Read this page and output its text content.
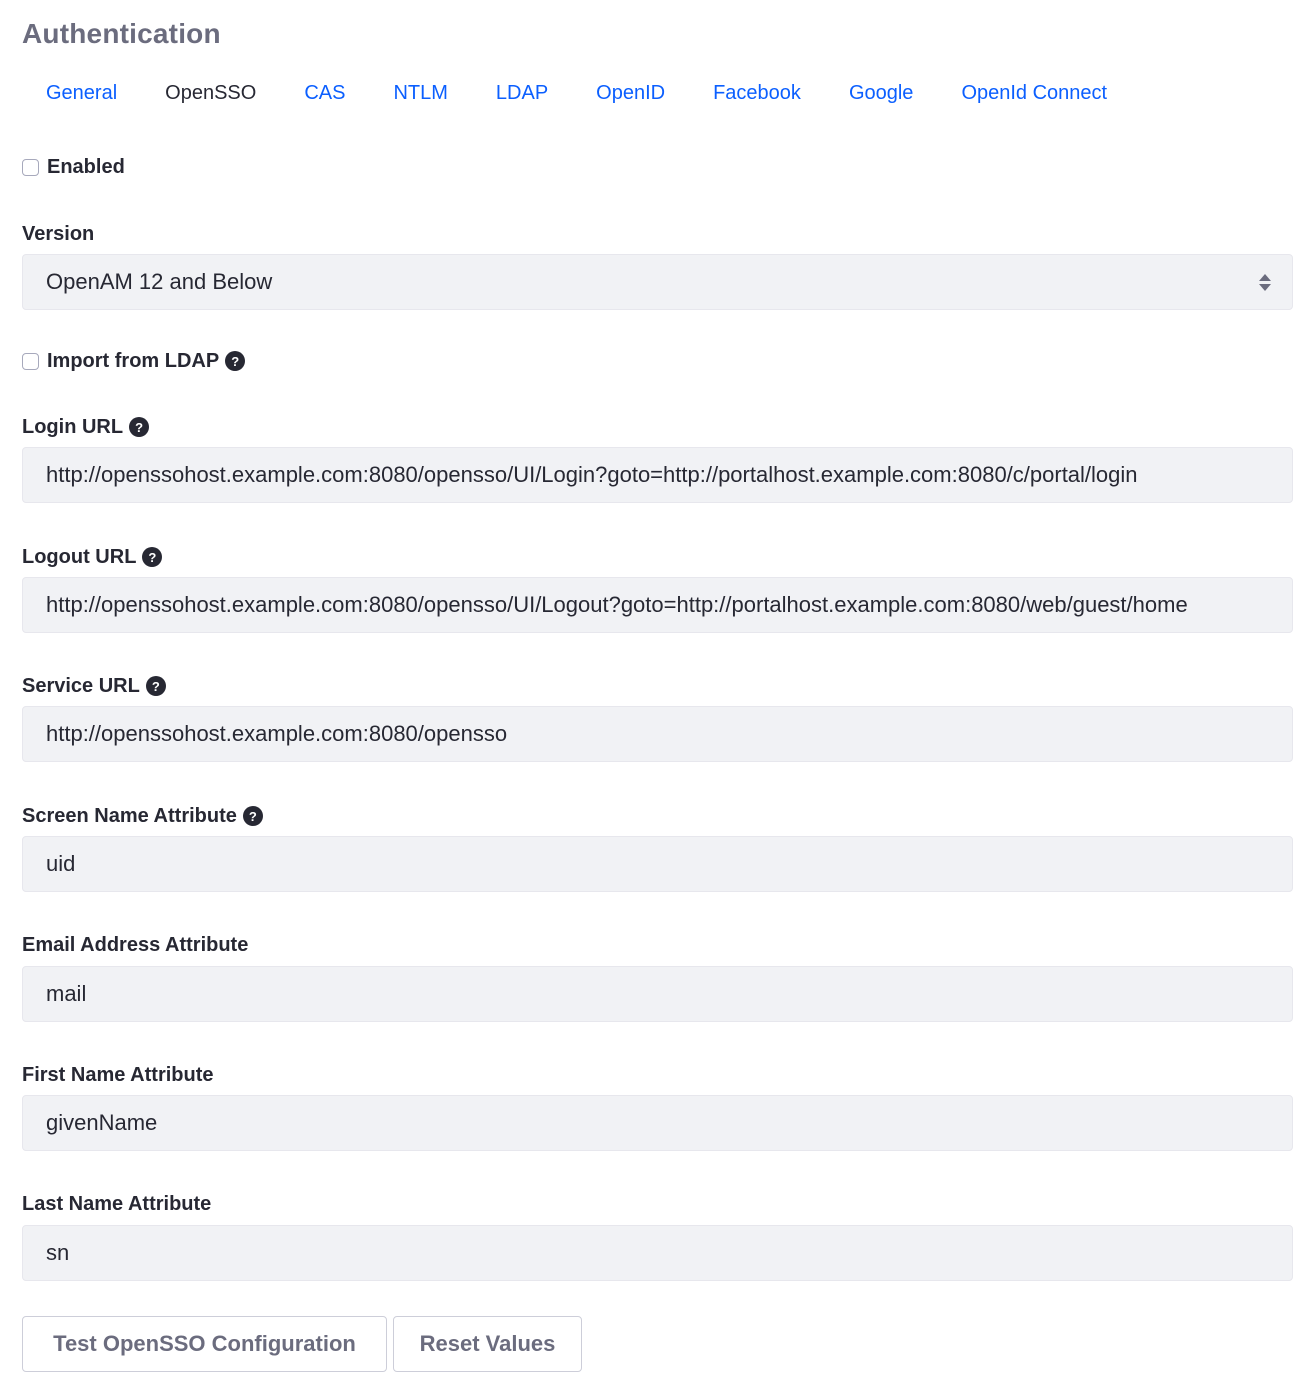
Authentication
General	OpenSSO	CAS	NTLM	LDAP	OpenID	Facebook	Google	OpenId Connect
Enabled
Version
OpenAM 12 and Below
Import from LDAP ?
Login URL ?
http://openssohost.example.com:8080/opensso/UI/Login?goto=http://portalhost.example.com:8080/c/portal/login
Logout URL ?
http://openssohost.example.com:8080/opensso/UI/Logout?goto=http://portalhost.example.com:8080/web/guest/home
Service URL ?
http://openssohost.example.com:8080/opensso
Screen Name Attribute ?
uid
Email Address Attribute
mail
First Name Attribute
givenName
Last Name Attribute
sn
Test OpenSSO Configuration	Reset Values
